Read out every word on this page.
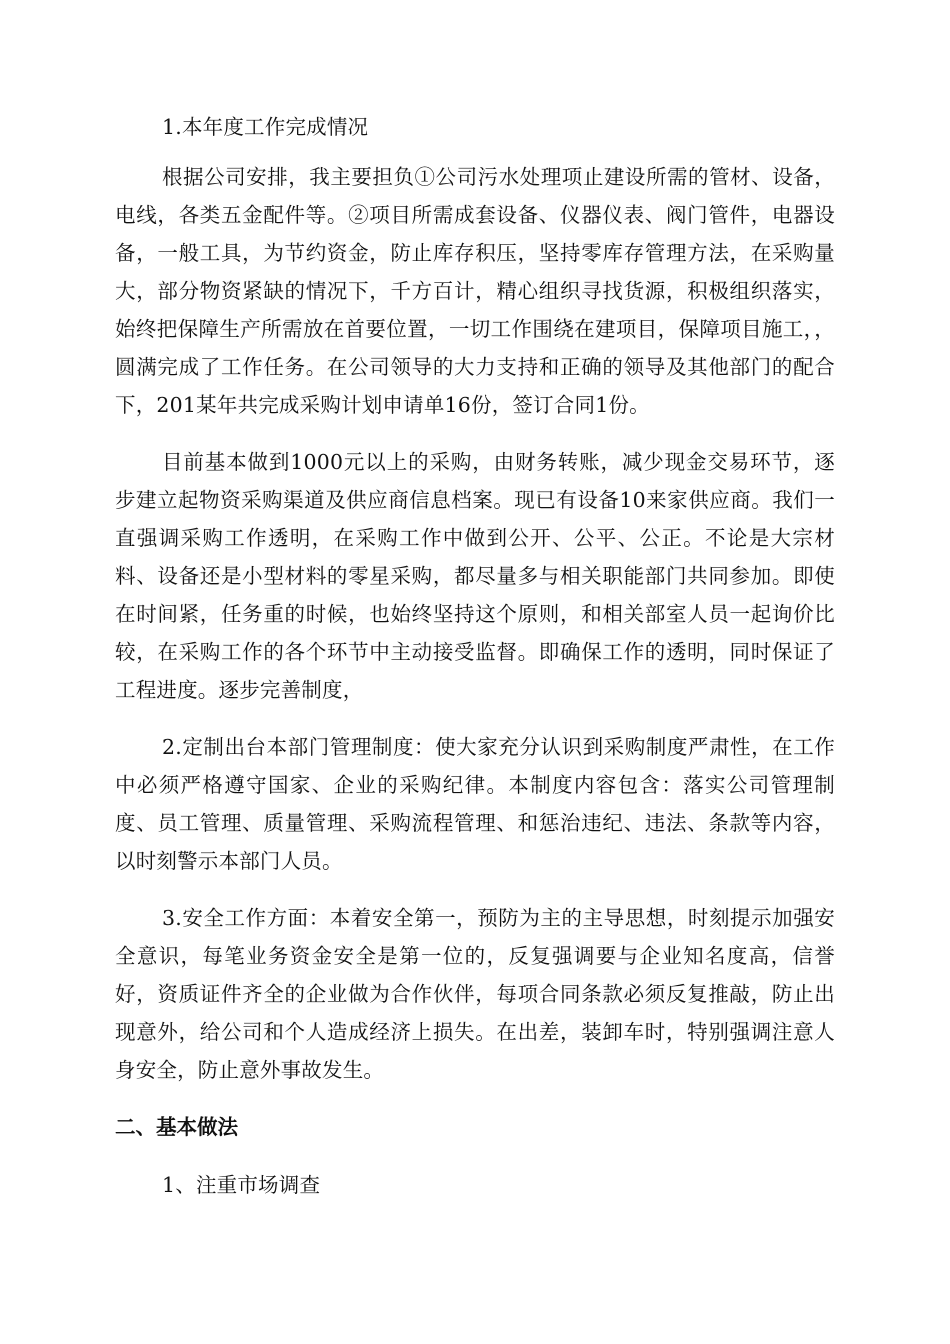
1.本年度工作完成情况

根据公司安排，我主要担负①公司污水处理项止建设所需的管材、设备，电线，各类五金配件等。②项目所需成套设备、仪器仪表、阀门管件，电器设备，一般工具，为节约资金，防止库存积压，坚持零库存管理方法，在采购量大，部分物资紧缺的情况下，千方百计，精心组织寻找货源，积极组织落实，始终把保障生产所需放在首要位置，一切工作围绕在建项目，保障项目施工，，圆满完成了工作任务。在公司领导的大力支持和正确的领导及其他部门的配合下，201某年共完成采购计划申请单16份，签订合同1份。

目前基本做到1000元以上的采购，由财务转账，减少现金交易环节，逐步建立起物资采购渠道及供应商信息档案。现已有设备10来家供应商。我们一直强调采购工作透明，在采购工作中做到公开、公平、公正。不论是大宗材料、设备还是小型材料的零星采购，都尽量多与相关职能部门共同参加。即使在时间紧，任务重的时候，也始终坚持这个原则，和相关部室人员一起询价比较，在采购工作的各个环节中主动接受监督。即确保工作的透明，同时保证了工程进度。逐步完善制度，

2.定制出台本部门管理制度：使大家充分认识到采购制度严肃性，在工作中必须严格遵守国家、企业的采购纪律。本制度内容包含：落实公司管理制度、员工管理、质量管理、采购流程管理、和惩治违纪、违法、条款等内容，以时刻警示本部门人员。

3.安全工作方面：本着安全第一，预防为主的主导思想，时刻提示加强安全意识，每笔业务资金安全是第一位的，反复强调要与企业知名度高，信誉好，资质证件齐全的企业做为合作伙伴，每项合同条款必须反复推敲，防止出现意外，给公司和个人造成经济上损失。在出差，装卸车时，特别强调注意人身安全，防止意外事故发生。

二、基本做法

1、注重市场调查
